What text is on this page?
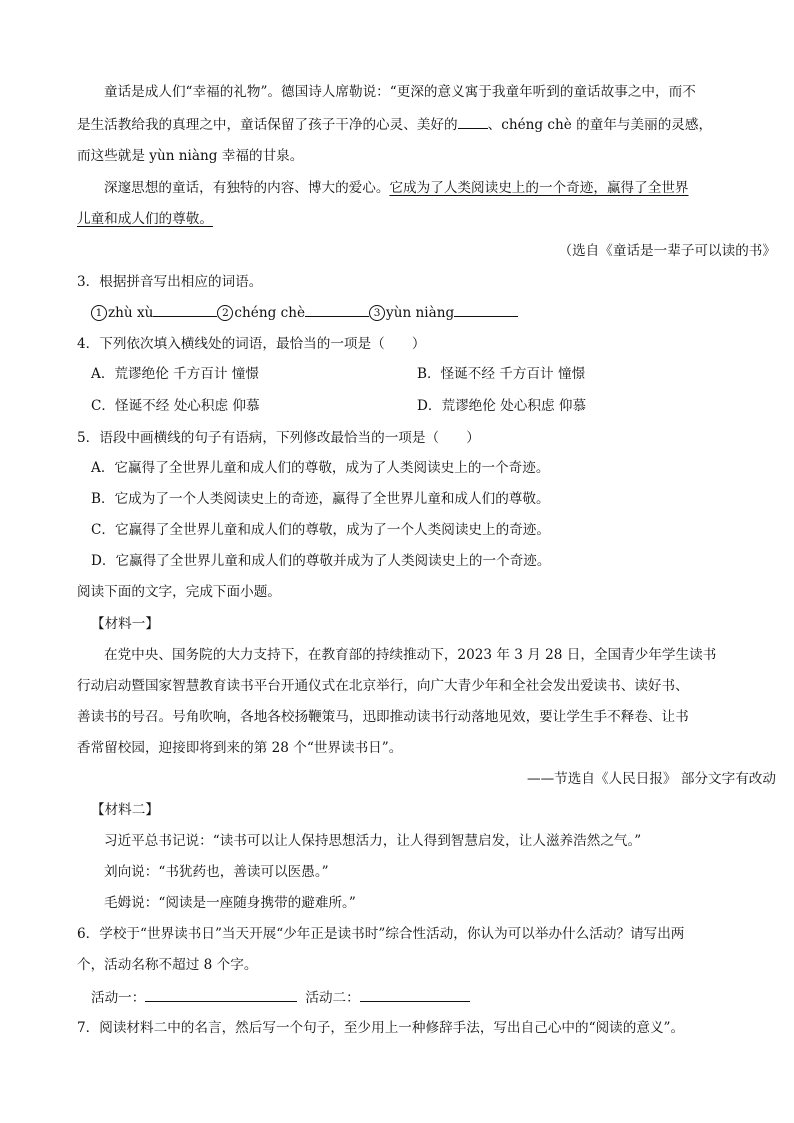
童话是成人们“幸福的礼物”。德国诗人席勒说：“更深的意义寓于我童年听到的童话故事之中，而不
是生活教给我的真理之中，童话保留了孩子干净的心灵、美好的 、chéng chè 的童年与美丽的灵感，
而这些就是 yùn niàng 幸福的甘泉。
深邃思想的童话，有独特的内容、博大的爱心。它成为了人类阅读史上的一个奇迹，赢得了全世界
儿童和成人们的尊敬。
（选自《童话是一辈子可以读的书》
3．根据拼音写出相应的词语。
1 zhù xù	2 chéng chè	3 yùn niàng
4．下列依次填入横线处的词语，最恰当的一项是（　　）
A．荒谬绝伦 千方百计 憧憬	B．怪诞不经 千方百计 憧憬
C．怪诞不经 处心积虑 仰慕	D．荒谬绝伦 处心积虑 仰慕
5．语段中画横线的句子有语病，下列修改最恰当的一项是（　　）
A．它赢得了全世界儿童和成人们的尊敬，成为了人类阅读史上的一个奇迹。
B．它成为了一个人类阅读史上的奇迹，赢得了全世界儿童和成人们的尊敬。
C．它赢得了全世界儿童和成人们的尊敬，成为了一个人类阅读史上的奇迹。
D．它赢得了全世界儿童和成人们的尊敬并成为了人类阅读史上的一个奇迹。
阅读下面的文字，完成下面小题。
【材料一】
在党中央、国务院的大力支持下，在教育部的持续推动下，2023 年 3 月 28 日，全国青少年学生读书
行动启动暨国家智慧教育读书平台开通仪式在北京举行，向广大青少年和全社会发出爱读书、读好书、
善读书的号召。号角吹响，各地各校扬鞭策马，迅即推动读书行动落地见效，要让学生手不释卷、让书
香常留校园，迎接即将到来的第 28 个“世界读书日”。
——节选自《人民日报》 部分文字有改动
【材料二】
习近平总书记说：“读书可以让人保持思想活力，让人得到智慧启发，让人滋养浩然之气。”
刘向说：“书犹药也，善读可以医愚。”
毛姆说：“阅读是一座随身携带的避难所。”
6．学校于“世界读书日”当天开展“少年正是读书时”综合性活动，你认为可以举办什么活动？请写出两
个，活动名称不超过 8 个字。
活动一：	活动二：
7．阅读材料二中的名言，然后写一个句子，至少用上一种修辞手法，写出自己心中的“阅读的意义”。
